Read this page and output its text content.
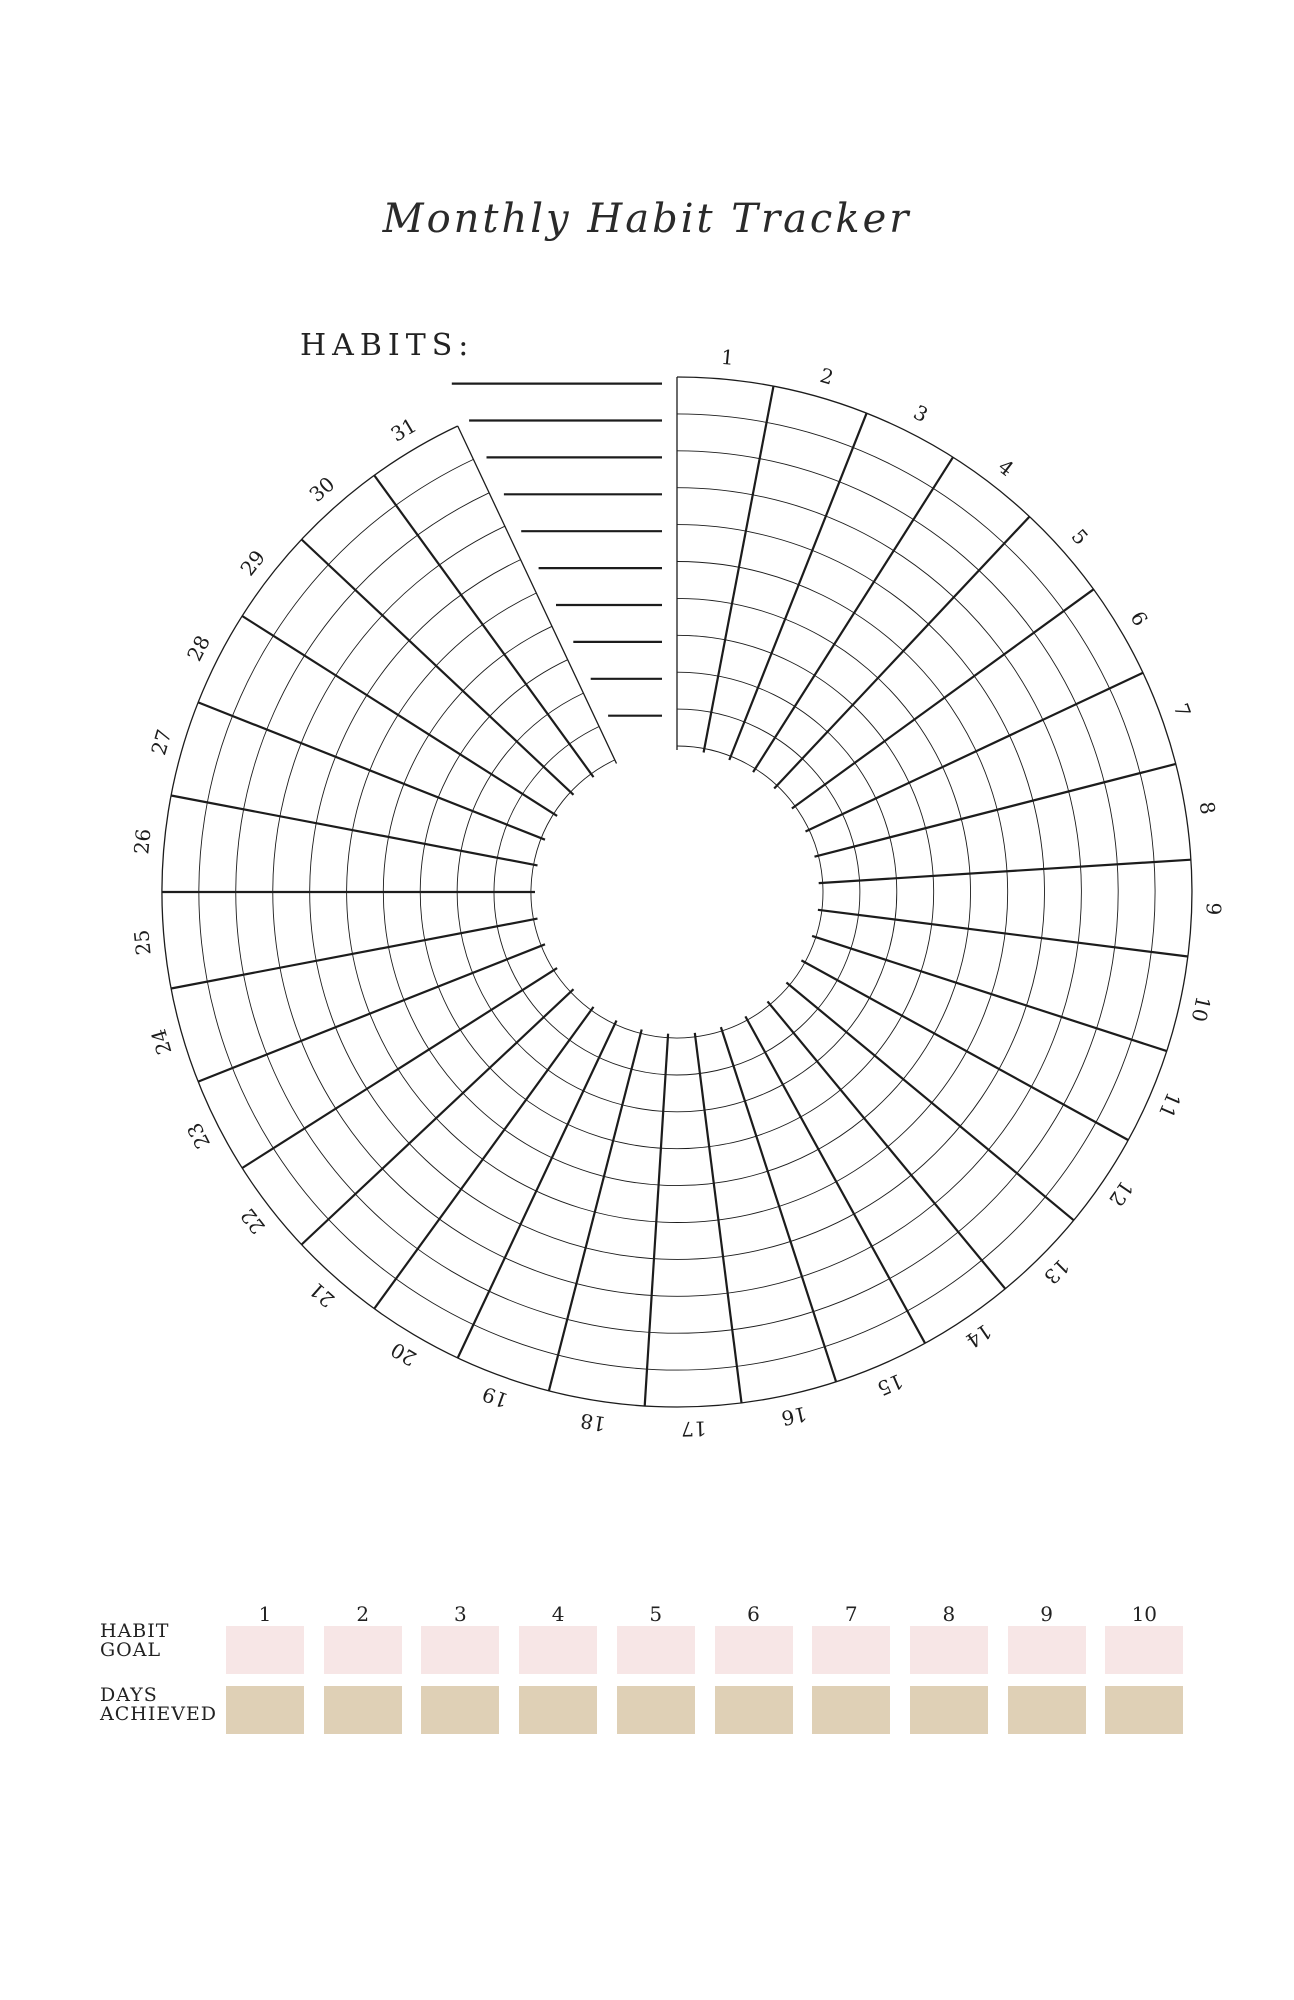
Monthly Habit Tracker
HABITS:	1
2
3
4
5
6
7
8
9
10
11
12
13
14
15
16
17
18
19
20
21
22
23
24
25
26
27
28
29
30
31
HABIT
GOAL
DAYS
ACHIEVED
1	2	3	4	5	6	7	8	9	10
